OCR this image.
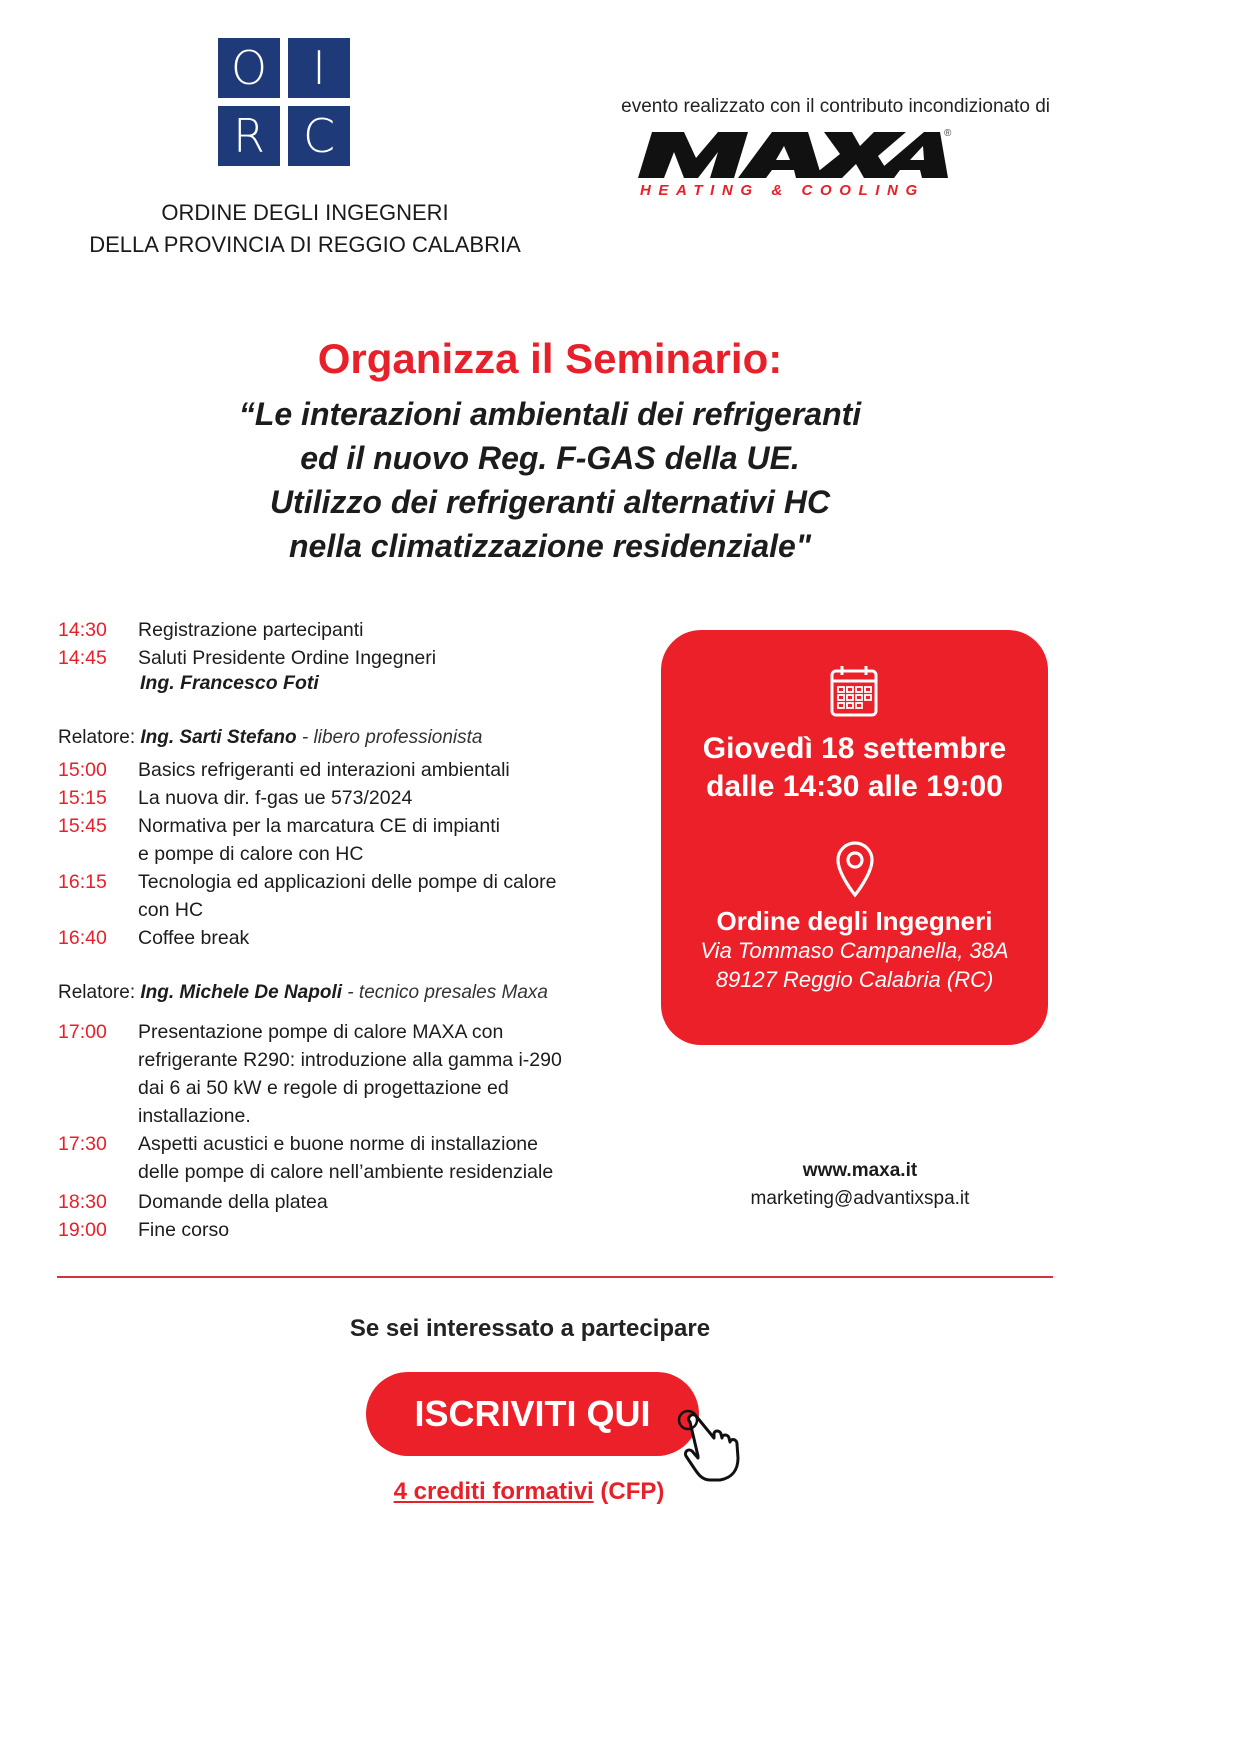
O I
R C
ORDINE DEGLI INGEGNERI
DELLA PROVINCIA DI REGGIO CALABRIA
evento realizzato con il contributo incondizionato di
®
HEATING & COOLING
Organizza il Seminario:
“Le interazioni ambientali dei refrigeranti
ed il nuovo Reg. F-GAS della UE.
Utilizzo dei refrigeranti alternativi HC
nella climatizzazione residenziale"
14:30	Registrazione partecipanti
14:45	Saluti Presidente Ordine Ingegneri
Ing. Francesco Foti
Relatore: Ing. Sarti Stefano - libero professionista
15:00	Basics refrigeranti ed interazioni ambientali
15:15	La nuova dir. f-gas ue 573/2024
15:45	Normativa per la marcatura CE di impianti
e pompe di calore con HC
16:15	Tecnologia ed applicazioni delle pompe di calore
con HC
16:40	Coffee break
Relatore: Ing. Michele De Napoli - tecnico presales Maxa
17:00	Presentazione pompe di calore MAXA con
refrigerante R290: introduzione alla gamma i-290
dai 6 ai 50 kW e regole di progettazione ed
installazione.
17:30	Aspetti acustici e buone norme di installazione
delle pompe di calore nell’ambiente residenziale
18:30	Domande della platea
19:00	Fine corso
Giovedì 18 settembre
dalle 14:30 alle 19:00
Ordine degli Ingegneri
Via Tommaso Campanella, 38A
89127 Reggio Calabria (RC)
www.maxa.it
marketing@advantixspa.it
Se sei interessato a partecipare
ISCRIVITI QUI
4 crediti formativi (CFP)
